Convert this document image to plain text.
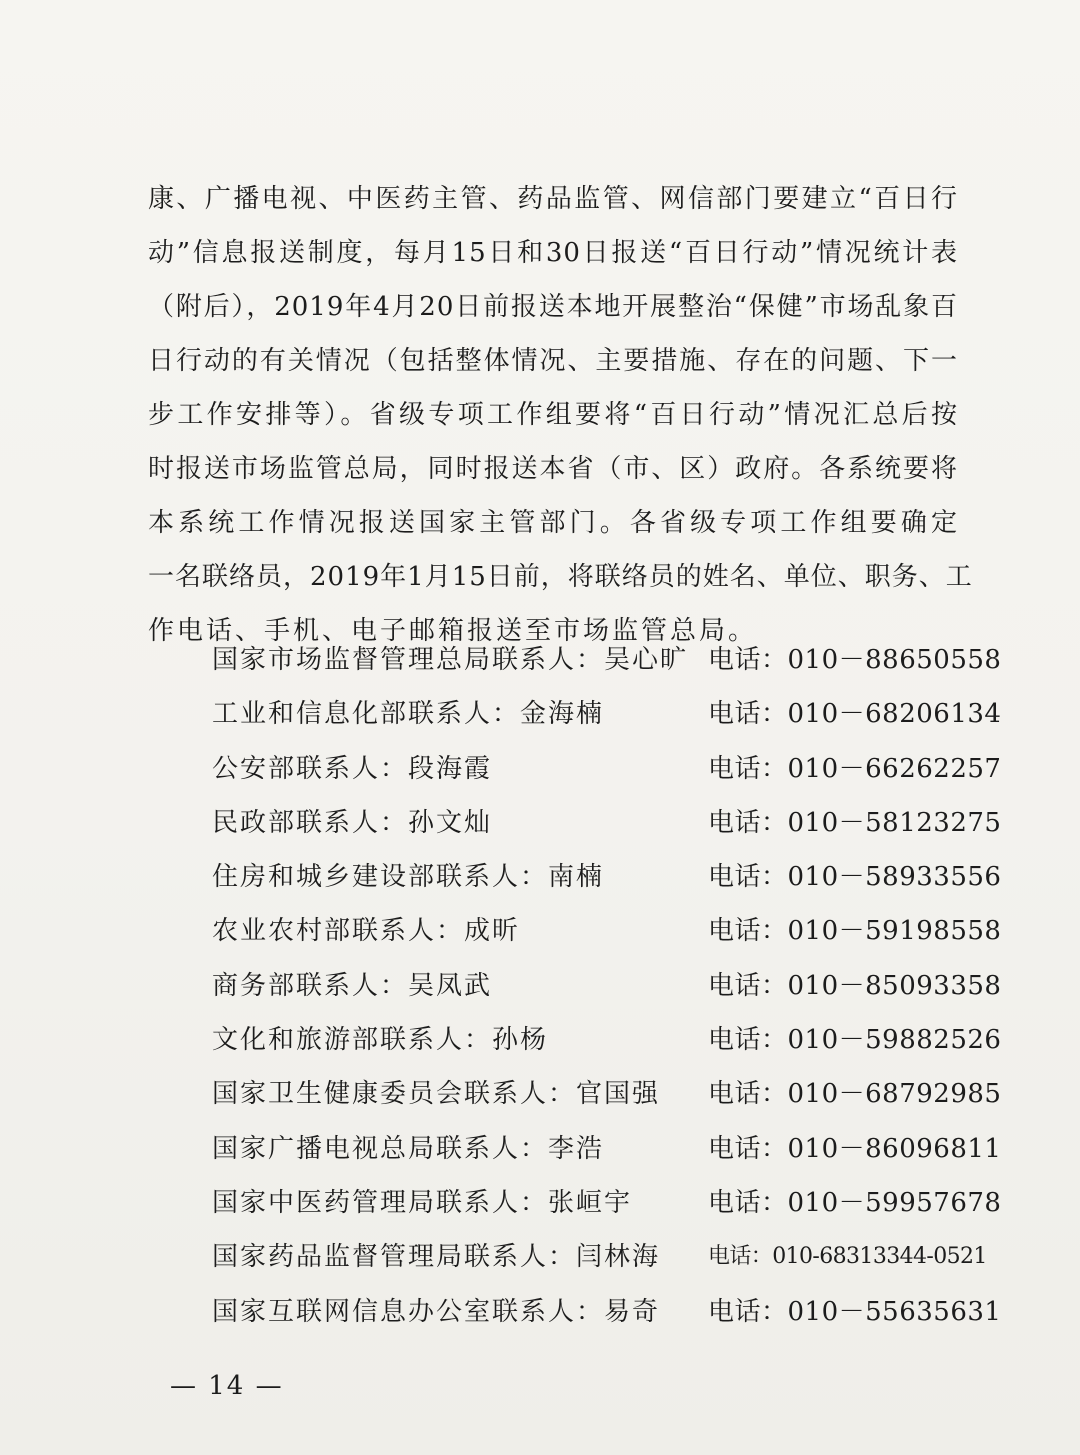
康、广播电视、中医药主管、药品监管、网信部门要建立“百日行
动”信息报送制度，每月15日和30日报送“百日行动”情况统计表
（附后），2019年4月20日前报送本地开展整治“保健”市场乱象百
日行动的有关情况（包括整体情况、主要措施、存在的问题、下一
步工作安排等）。省级专项工作组要将“百日行动”情况汇总后按
时报送市场监管总局，同时报送本省（市、区）政府。各系统要将
本系统工作情况报送国家主管部门。各省级专项工作组要确定
一名联络员，2019年1月15日前，将联络员的姓名、单位、职务、工
作电话、手机、电子邮箱报送至市场监管总局。
国家市场监督管理总局联系人：吴心旷 电话：010－88650558
工业和信息化部联系人：金海楠	电话：010－68206134
公安部联系人：段海霞	电话：010－66262257
民政部联系人：孙文灿	电话：010－58123275
住房和城乡建设部联系人：南楠	电话：010－58933556
农业农村部联系人：成昕	电话：010－59198558
商务部联系人：吴凤武	电话：010－85093358
文化和旅游部联系人：孙杨	电话：010－59882526
国家卫生健康委员会联系人：官国强 电话：010－68792985
国家广播电视总局联系人：李浩	电话：010－86096811
国家中医药管理局联系人：张峘宇	电话：010－59957678
国家药品监督管理局联系人：闫林海 电话：010-68313344-0521
国家互联网信息办公室联系人：易奇 电话：010－55635631
— 14 —
